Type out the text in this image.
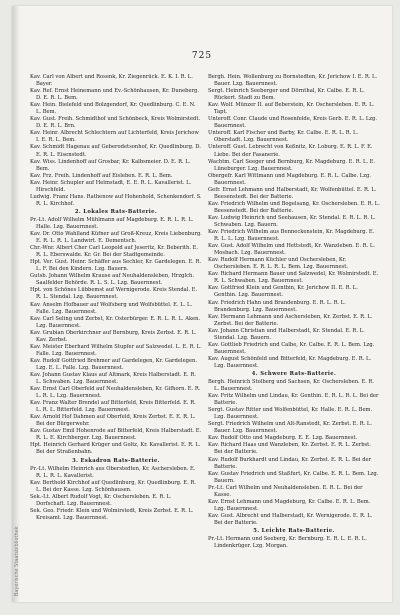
Bayerische Staatsbibliothek
725

Kav. Carl von Albert und Rosenk, Kr. Ziegenrück. E. K. I. R. L. Bayer.

Kav. Ref. Ernst Heinemann und Ev.-Schönhausen, Kr. Duneberg. D. E. R. L. Bem.

Kav. Hein. Bielefeld und Bolzgendorf, Kr. Quedlinburg. C. E. N. L. Bem.

Kav. Gust. Freih. Schmidthof und Schönbeck, Kreis Wolmirstedt. D. E. R. L. Brn.

Kav. Heinr. Albrecht Schlechtern auf Lichterfeld, Kreis Jerichow I. E. R. L. Bem.

Kav. Schmidt Hagenau auf Geberodetsonhof, Kr. Quedlinburg. D. E. R. L. Eisenstedt.

Kav. Wiss. Lindenhoff auf Grosbar, Kr. Kalbsmeier. D. E. R. L. Bem.

Kav. Frz. Freih. Lindenhoff auf Eisleben. E. R. L. Bem.

Kav. Heinr. Schupler auf Helmstadt, E. E. R. L. Kavallerist. L. Hirschfeld.

Ludwig. Franz Hans. Rathenow auf Hohenhold, Schenkendorf. S. R. L. Kirchhof.

2. Lokales Rats-Batterie.

Pr.-Lt. Adolf Wilhelm Mühlmann auf Magdeburg. E. R. L. R. L. Halle. Lzg. Bauernnest.

Kav. Dr. Otto Wahlland Küfner auf Groß-Kreuz, Kreis Liebenburg. E. R. L. R. L. Landwirt. E. Dementsch.

Chr.-Wnr. Albert Cher Carl Leopold auf Jeseritz, Kr. Beberith. E. R. L. Eberswalde. Kr. Gr. Bei der Stadtgemeinde.

Hpt. Ver. Gust. Heinr. Schäffer aus Sechler, Kr. Gardelegen. E. R. L. F. Bei den Kindern. Lzg. Bauern.

Gutsb. Johann Wilhelm Krause auf Neuhaldensleben, Hrzglch. Saalfelder Behörde. R. L. S. L. Lzg. Bauernnest.

Hpt. von Schönes Lübbemst auf Wernigerode. Kreis Stendal. E. R. L. Stendal. Lzg. Bauernnest.

Kav. Anselm Hofbauer auf Wolfsberg und Wolfsbüttel. E. L. L. Falle. Lzg. Bauernnest.

Kav. Carl Seling und Zerbst, Kr. Osterbürger. E. R. L. R. L. Aken. Lzg. Bauernnest.

Kav. Grubian Oberkirchner auf Bernburg, Kreis Zerbst. E. R. L. Kav. Zerbst.

Kav. Meister Eberhard Wilhelm Stupfer auf Salzwedel. L. E. R. L. Falle. Lzg. Bauernnest.

Kav. Rudolf Gottfried Brehmer auf Gardelegen, Kr. Gardelegen. Lzg. E. L. Falle. Lzg. Bauernnest.

Kav. Johann Gustav Klaus auf Altmark, Kreis Halberstadt. E. R. L. Schwaben. Lzg. Bauernnest.

Kav. Ernst Carl Oberfeld auf Neuhaldensleben, Kr. Gifhorn. E. R. L. R. L. Lzg. Bauernnest.

Kav. Franz Walter Brendel auf Bitterfeld, Kreis Bitterfeld. E. R. L. R. L. Bitterfeld. Lzg. Bauernnest.

Kav. Arnold Hof Dahmen auf Oberfeld, Kreis Zerbst. E. E. R. L. Bei der Bürgerwehr.

Kav. Gustav Emil Hohenrode auf Bitterfeld, Kreis Halberstadt. E. R. L. E. Kirchberger. Lzg. Bauernnest.

Hpt. Heinrich Gerhard Krüger und Goltz, Kr. Kavallerist. E. R. L. Bei der Straßenbahn.

3. Eskadron Rats-Batterie.

Pr.-Lt. Wilhelm Heinrich aus Oberstedten, Kr. Aschersleben. E. R. L. R. L. Kavallerist.

Kav. Berthold Kirchhof auf Quedlinburg, Kr. Quedlinburg. E. R. L. Bei der Kasse. Lzg. Schönhausen.

Sek.-Lt. Albert Rudolf Vogt, Kr. Oschersleben. E. R. L. Dorfschaft. Lzg. Bauernnest.

Sek. Geo. Friedr. Klein und Wolmirstedt, Kreis Zerbst. E. R. L. Kreisamt. Lzg. Bauernnest.

Bergh. Hein. Wollenburg zu Bornstedten, Kr. Jerichow I. E. R. L. Bauer. Lzg. Bauernnest.

Sergt. Heinrich Seeberger und Dörnthal, Kr. Calbe. E. R. L. Rückert. Stadt zu Bem.

Kav. Wolf. Münzer II. auf Beberstein, Kr. Oschersleben. E. R. L. Tapt.

Unteroff. Conr. Claude und Rosenfelde, Kreis Gerb. E. R. L. Lzg. Bauernnest.

Unteroff. Karl Fischer und Barby, Kr. Calbe. E. R. L. R. L. Oberstadt. Lzg. Bauernnest.

Unteroff. Gust. Lebrecht von Keßnitz, Kr. Loburg. E. R. L. F. E. Liebe. Bei der Fasanerie.

Wachtm. Carl Seeger und Bernburg, Kr. Magdeburg. E. R. L. E. Lüneburger. Lzg. Bauernnest.

Obergefr. Karl Wittmann und Magdeburg. E. R. L. Calbe. Lzg. Bauernnest.

Gefr. Ernst Lehmann und Halberstadt, Kr. Wolfenbüttel. E. R. L. Beesenstedt. Bei der Batterie.

Kav. Friedrich Wilhelm und Bogelsang, Kr. Oschersleben. E. R. L. Beesenstedt. Bei der Batterie.

Kav. Ludwig Heinrich und Seehausen, Kr. Stendal. E. R. L. R. L. Schwaben. Lzg. Bauern.

Kav. Friedrich Wilhelm aus Benneckenstein, Kr. Magdeburg. E. R. L. L. Lzg. Bauernnest.

Kav. Gust. Adolf Wilhelm und Hettstedt, Kr. Wanzleben. E. R. L. Mosbach. Lzg. Bauernnest.

Kav. Rudolf Hermann Küchler und Oschersleben, Kr. Oschersleben. E. R. L. R. L. Bem. Lzg. Bauernnest.

Kav. Richard Hermann Bauer und Salzwedel, Kr. Wolmirstedt. E. R. L. Schwaben. Lzg. Bauernnest.

Kav. Gottfried Klein und Gentbin, Kr. Jerichow II. E. R. L. Genthin. Lzg. Bauernnest.

Kav. Friedrich Hahn und Brandenburg. E. R. L. R. L. Brandenburg. Lzg. Bauernnest.

Kav. Hermann Lehmann und Aschersleben, Kr. Zerbst. E. R. L. Zerbst. Bei der Batterie.

Kav. Johann Christian und Halberstadt, Kr. Stendal. E. R. L. Stendal. Lzg. Bauern.

Kav. Gottlieb Friedrich und Calbe, Kr. Calbe. E. R. L. Bem. Lzg. Bauernnest.

Kav. August Schönfeld und Bitterfeld, Kr. Magdeburg. E. R. L. Lzg. Bauernnest.

4. Schwere Rats-Batterie.

Bergh. Heinrich Stolberg und Sachsen, Kr. Oschersleben. E. R. L. Bauernnest.

Kav. Fritz Wilhelm und Lindau, Kr. Genthin. E. R. L. R. L. Bei der Batterie.

Sergt. Gustav Ritter und Wolfenbüttel, Kr. Halle. E. R. L. Bem. Lzg. Bauernnest.

Sergt. Friedrich Wilhelm und Alt-Ranstedt, Kr. Zerbst. E. R. L. Bauer. Lzg. Bauernnest.

Kav. Rudolf Otto und Magdeburg. E. E. Lzg. Bauernnest.

Kav. Richard Haas und Wanzleben, Kr. Zerbst. E. R. L. Zerbst. Bei der Batterie.

Kav. Rudolf Burkhardt und Lindau, Kr. Zerbst. E. R. L. Bei der Batterie.

Kav. Gustav Friedrich und Staßfurt, Kr. Calbe. E. R. L. Bem. Lzg. Bauern.

Pr.-Lt. Carl Wilhelm und Neuhaldensleben. E. R. L. Bei der Kasse.

Kav. Ernst Lehmann und Magdeburg, Kr. Calbe. E. R. L. Bem. Lzg. Bauernnest.

Kav. Gust. Albrecht und Halberstadt, Kr. Wernigerode. E. R. L. Bei der Batterie.

5. Leichte Rats-Batterie.

Pr.-Lt. Hermann und Seeberg, Kr. Bernburg. E. R. L. E. R. L. Lindenkrüger. Lzg. Morgan.
